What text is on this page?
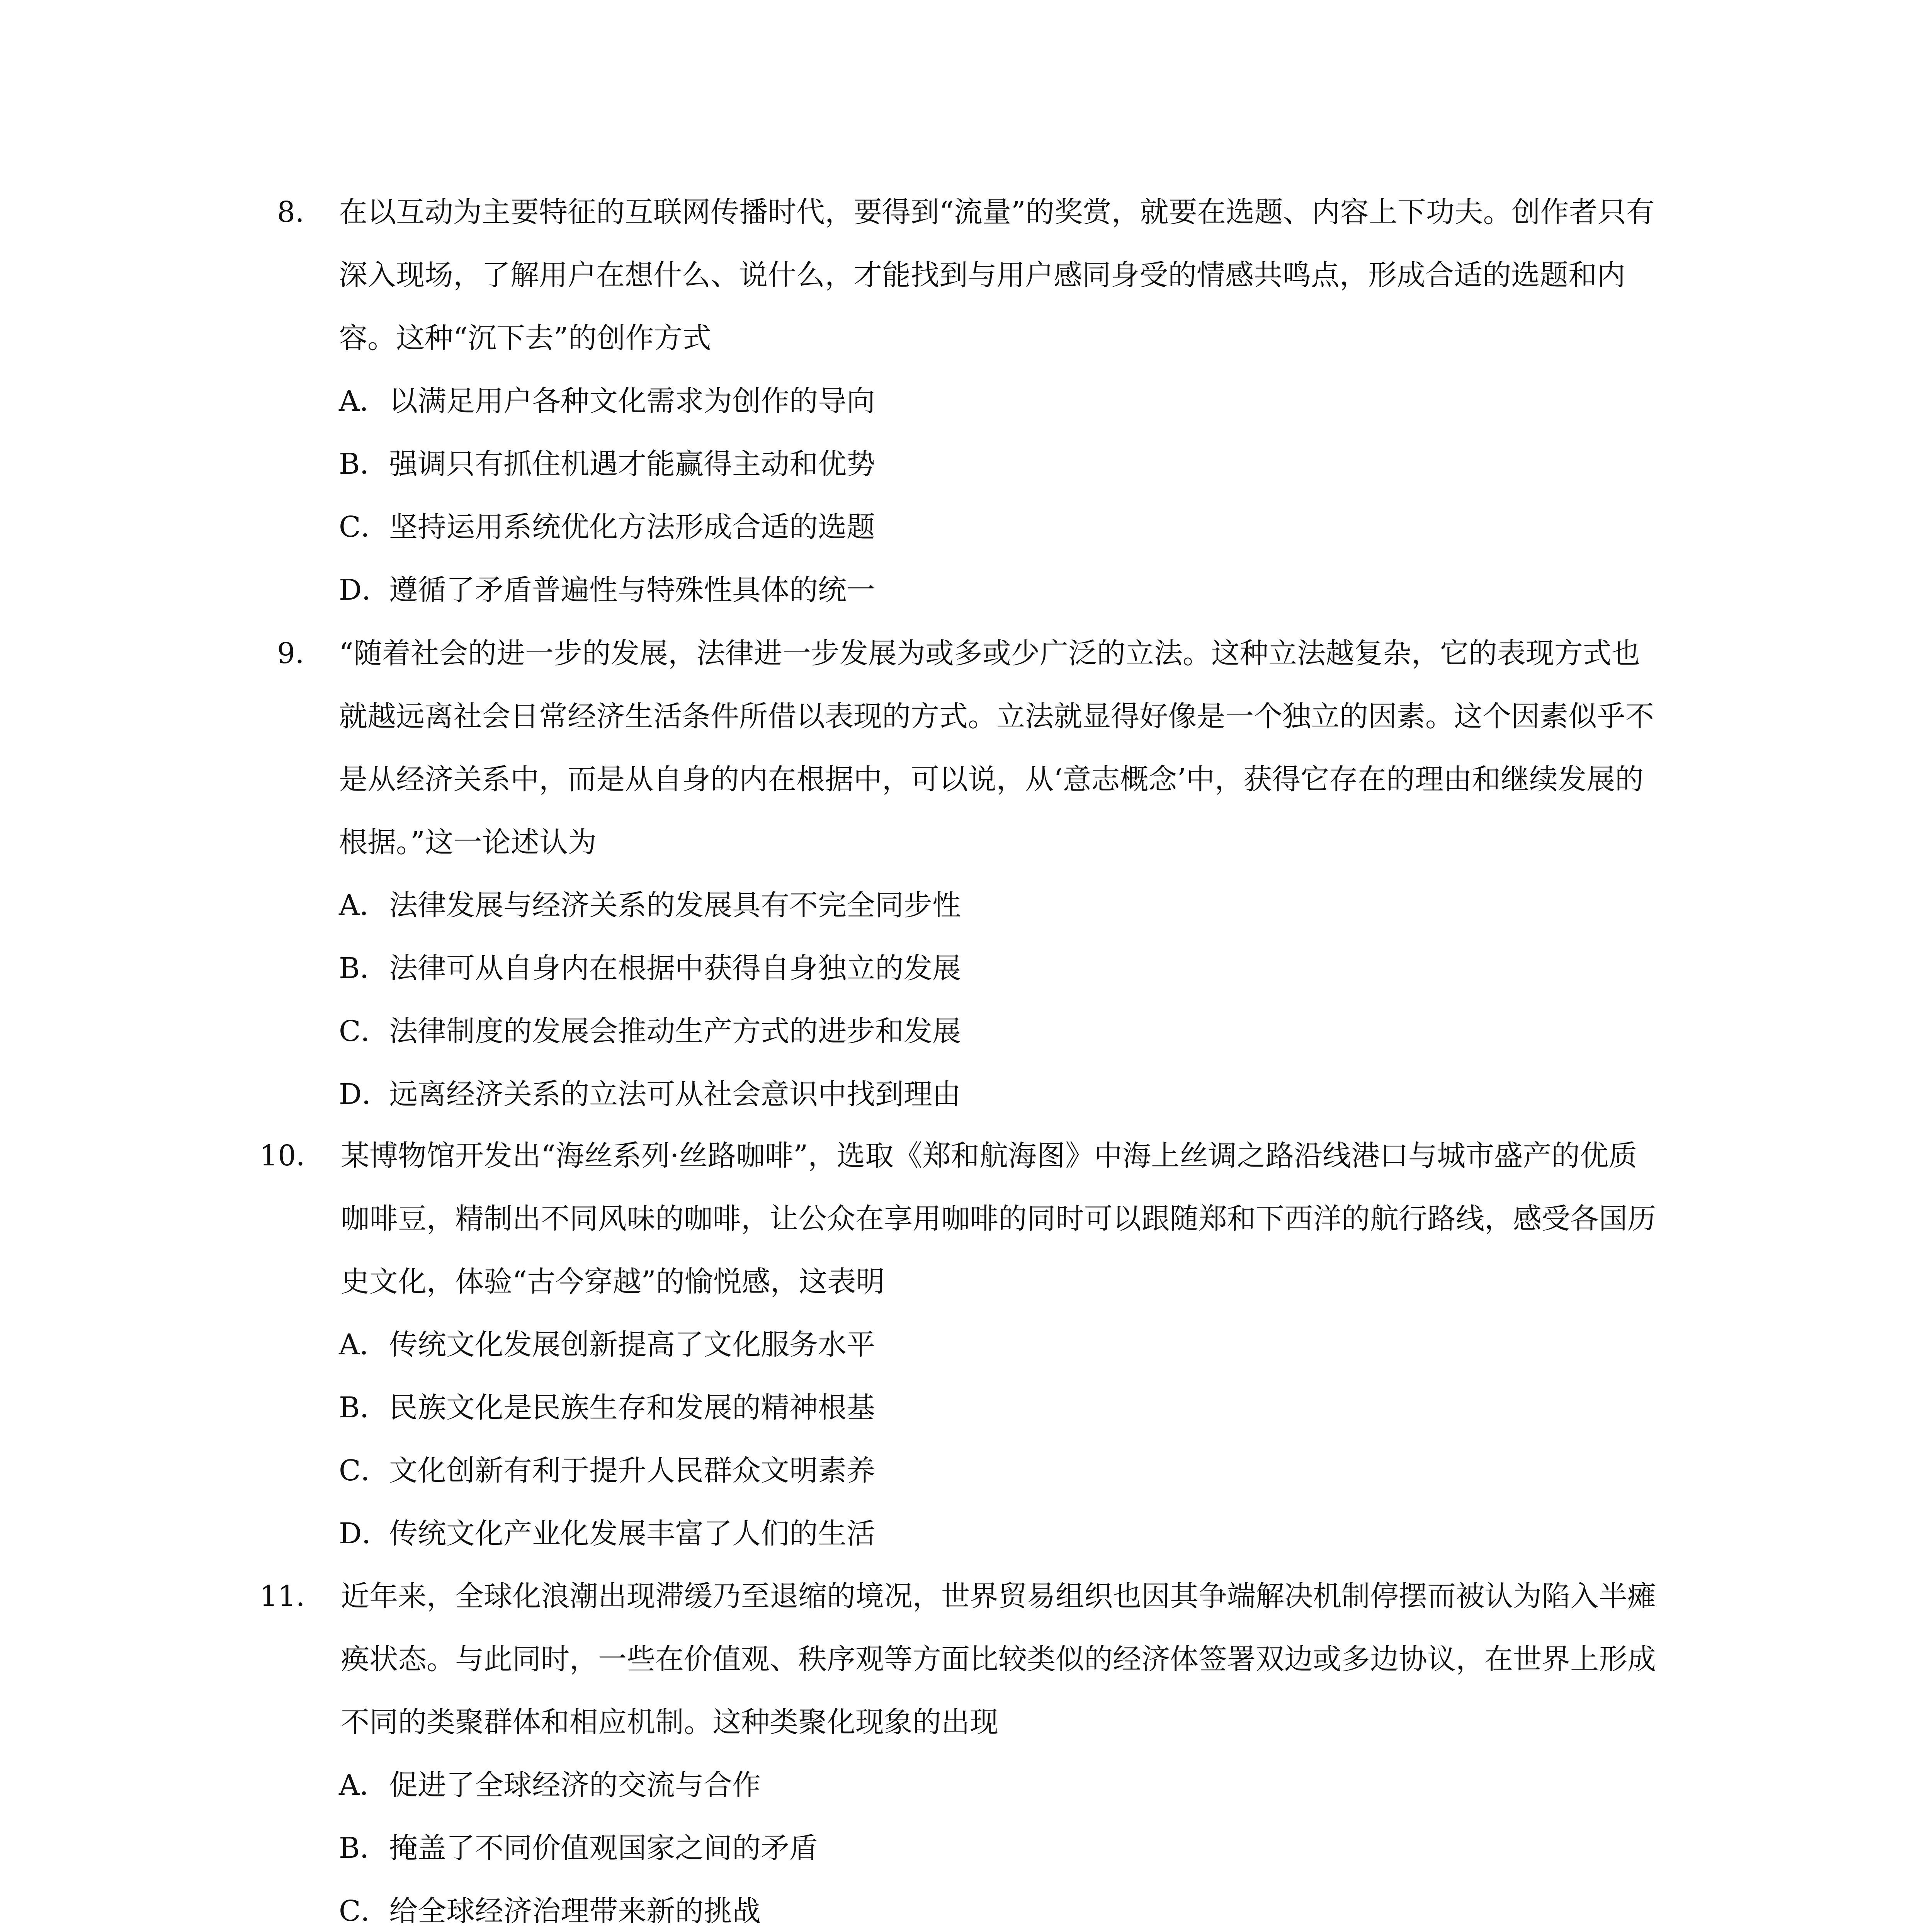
8． 在以互动为主要特征的互联网传播时代，要得到“流量”的奖赏，就要在选题、内容上下功夫。创作者只有深入现场，了解用户在想什么、说什么，才能找到与用户感同身受的情感共鸣点，形成合适的选题和内容。这种“沉下去”的创作方式
A．以满足用户各种文化需求为创作的导向
B．强调只有抓住机遇才能赢得主动和优势
C．坚持运用系统优化方法形成合适的选题
D．遵循了矛盾普遍性与特殊性具体的统一
9． “随着社会的进一步的发展，法律进一步发展为或多或少广泛的立法。这种立法越复杂，它的表现方式也就越远离社会日常经济生活条件所借以表现的方式。立法就显得好像是一个独立的因素。这个因素似乎不是从经济关系中，而是从自身的内在根据中，可以说，从‘意志概念’中，获得它存在的理由和继续发展的根据。”这一论述认为
A．法律发展与经济关系的发展具有不完全同步性
B．法律可从自身内在根据中获得自身独立的发展
C．法律制度的发展会推动生产方式的进步和发展
D．远离经济关系的立法可从社会意识中找到理由
10． 某博物馆开发出“海丝系列·丝路咖啡”，选取《郑和航海图》中海上丝调之路沿线港口与城市盛产的优质咖啡豆，精制出不同风味的咖啡，让公众在享用咖啡的同时可以跟随郑和下西洋的航行路线，感受各国历史文化，体验“古今穿越”的愉悦感，这表明
A．传统文化发展创新提高了文化服务水平
B．民族文化是民族生存和发展的精神根基
C．文化创新有利于提升人民群众文明素养
D．传统文化产业化发展丰富了人们的生活
11． 近年来，全球化浪潮出现滞缓乃至退缩的境况，世界贸易组织也因其争端解决机制停摆而被认为陷入半瘫痪状态。与此同时，一些在价值观、秩序观等方面比较类似的经济体签署双边或多边协议，在世界上形成不同的类聚群体和相应机制。这种类聚化现象的出现
A．促进了全球经济的交流与合作
B．掩盖了不同价值观国家之间的矛盾
C．给全球经济治理带来新的挑战
